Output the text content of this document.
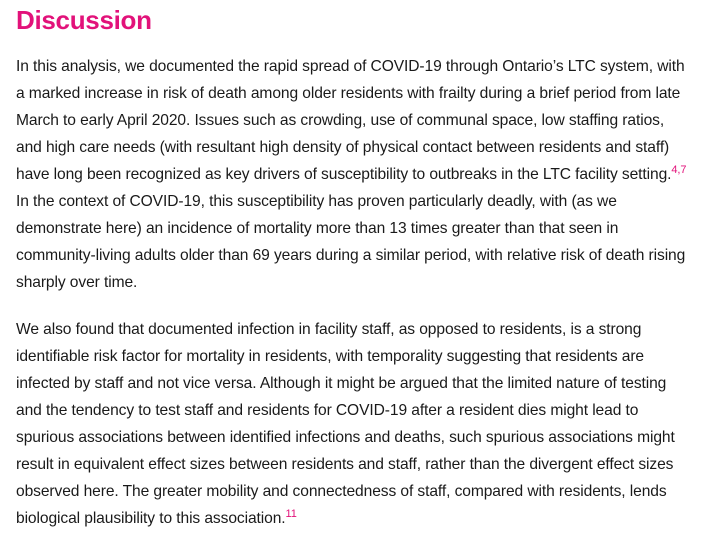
Discussion

In this analysis, we documented the rapid spread of COVID-19 through Ontario’s LTC system, with a marked increase in risk of death among older residents with frailty during a brief period from late March to early April 2020. Issues such as crowding, use of communal space, low staffing ratios, and high care needs (with resultant high density of physical contact between residents and staff) have long been recognized as key drivers of susceptibility to outbreaks in the LTC facility setting.$^{4,7}$ In the context of COVID-19, this susceptibility has proven particularly deadly, with (as we demonstrate here) an incidence of mortality more than 13 times greater than that seen in community-living adults older than 69 years during a similar period, with relative risk of death rising sharply over time.

We also found that documented infection in facility staff, as opposed to residents, is a strong identifiable risk factor for mortality in residents, with temporality suggesting that residents are infected by staff and not vice versa. Although it might be argued that the limited nature of testing and the tendency to test staff and residents for COVID-19 after a resident dies might lead to spurious associations between identified infections and deaths, such spurious associations might result in equivalent effect sizes between residents and staff, rather than the divergent effect sizes observed here. The greater mobility and connectedness of staff, compared with residents, lends biological plausibility to this association.$^{11}$
